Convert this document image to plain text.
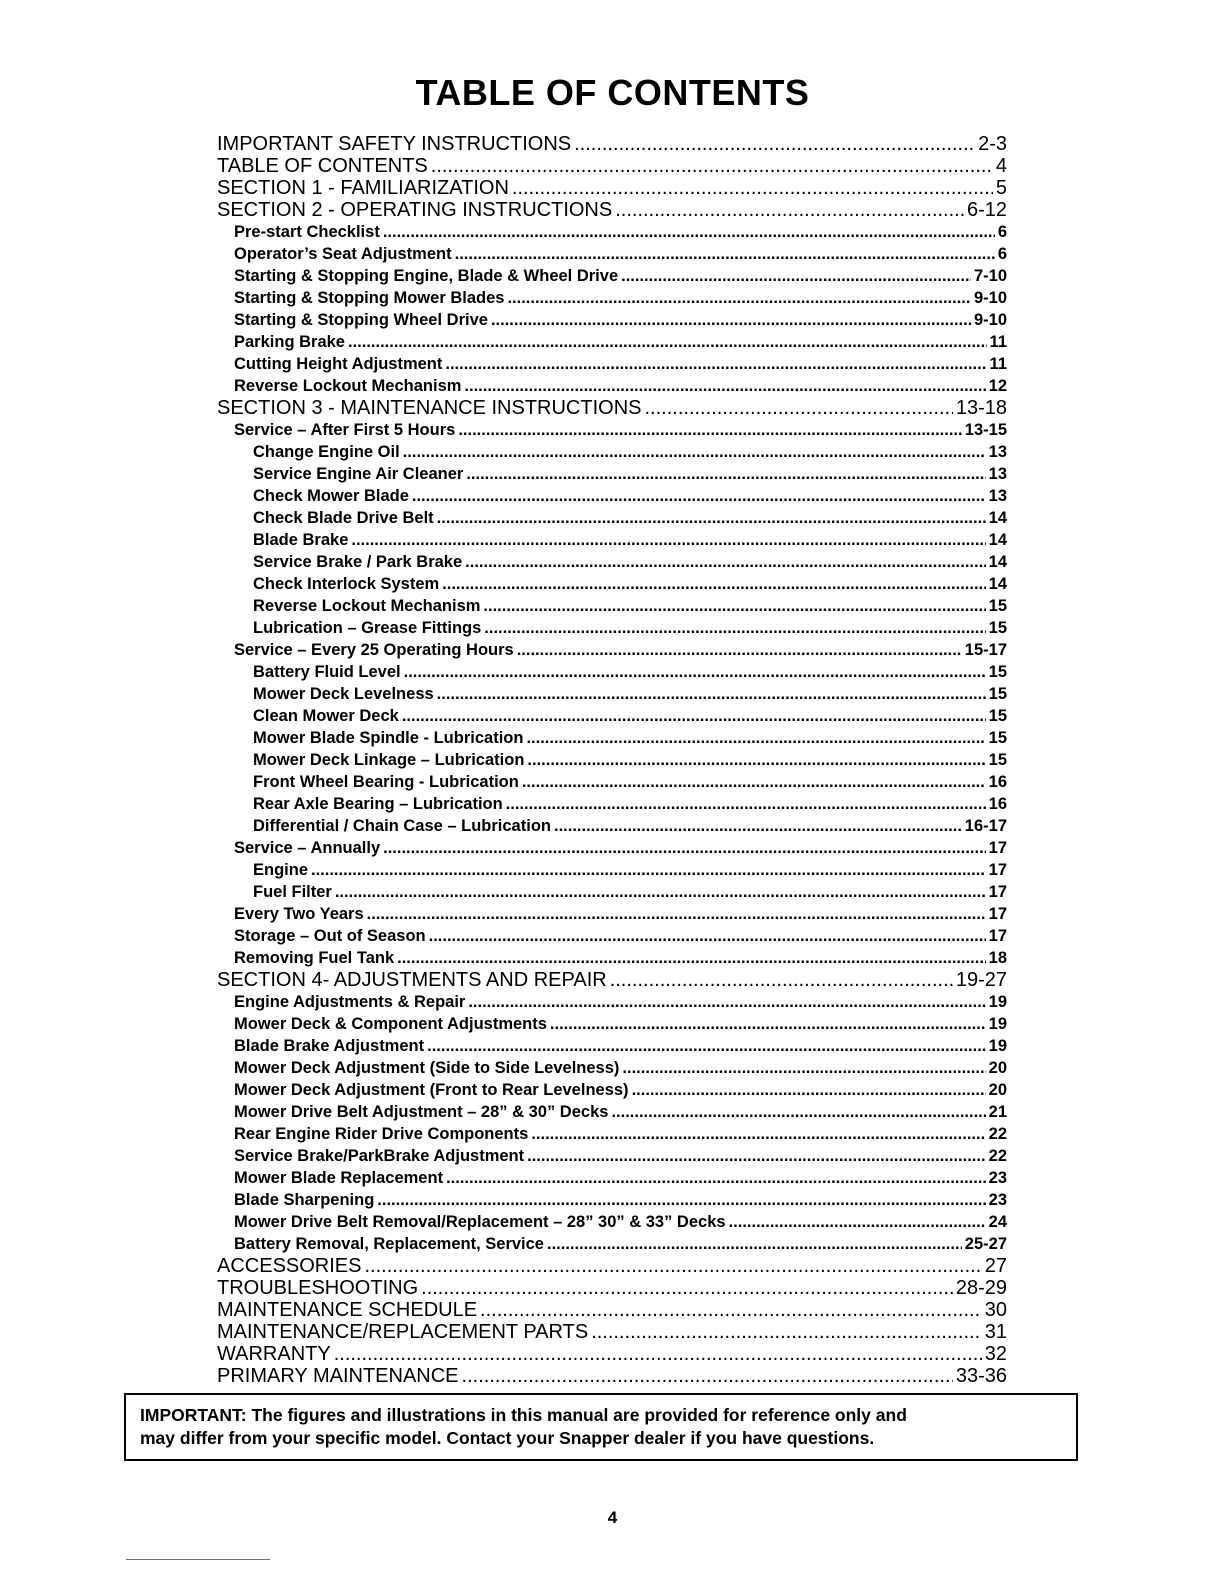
TABLE OF CONTENTS
IMPORTANT SAFETY INSTRUCTIONS .....	2-3
TABLE OF CONTENTS .....	4
SECTION 1 - FAMILIARIZATION .....	5
SECTION 2 - OPERATING INSTRUCTIONS .....	6-12
Pre-start Checklist .....	6
Operator’s Seat Adjustment .....	6
Starting & Stopping Engine, Blade & Wheel Drive .....	7-10
Starting & Stopping Mower Blades .....	9-10
Starting & Stopping Wheel Drive .....	9-10
Parking Brake .....	11
Cutting Height Adjustment .....	11
Reverse Lockout Mechanism .....	12
SECTION 3 - MAINTENANCE INSTRUCTIONS .....	13-18
Service – After First 5 Hours .....	13-15
Change Engine Oil .....	13
Service Engine Air Cleaner .....	13
Check Mower Blade .....	13
Check Blade Drive Belt .....	14
Blade Brake .....	14
Service Brake / Park Brake .....	14
Check Interlock System .....	14
Reverse Lockout Mechanism .....	15
Lubrication – Grease Fittings .....	15
Service – Every 25 Operating Hours .....	15-17
Battery Fluid Level .....	15
Mower Deck Levelness .....	15
Clean Mower Deck .....	15
Mower Blade Spindle - Lubrication .....	15
Mower Deck Linkage – Lubrication .....	15
Front Wheel Bearing - Lubrication .....	16
Rear Axle Bearing – Lubrication .....	16
Differential / Chain Case – Lubrication .....	16-17
Service – Annually .....	17
Engine .....	17
Fuel Filter .....	17
Every Two Years .....	17
Storage – Out of Season .....	17
Removing Fuel Tank .....	18
SECTION 4- ADJUSTMENTS AND REPAIR .....	19-27
Engine Adjustments & Repair .....	19
Mower Deck & Component Adjustments .....	19
Blade Brake Adjustment .....	19
Mower Deck Adjustment (Side to Side Levelness) .....	20
Mower Deck Adjustment (Front to Rear Levelness) .....	20
Mower Drive Belt Adjustment – 28” & 30” Decks .....	21
Rear Engine Rider Drive Components .....	22
Service Brake/ParkBrake Adjustment .....	22
Mower Blade Replacement .....	23
Blade Sharpening .....	23
Mower Drive Belt Removal/Replacement – 28” 30” & 33” Decks .....	24
Battery Removal, Replacement, Service .....	25-27
ACCESSORIES .....	27
TROUBLESHOOTING .....	28-29
MAINTENANCE SCHEDULE .....	30
MAINTENANCE/REPLACEMENT PARTS .....	31
WARRANTY .....	32
PRIMARY MAINTENANCE .....	33-36
IMPORTANT: The figures and illustrations in this manual are provided for reference only and
may differ from your specific model. Contact your Snapper dealer if you have questions.
4
